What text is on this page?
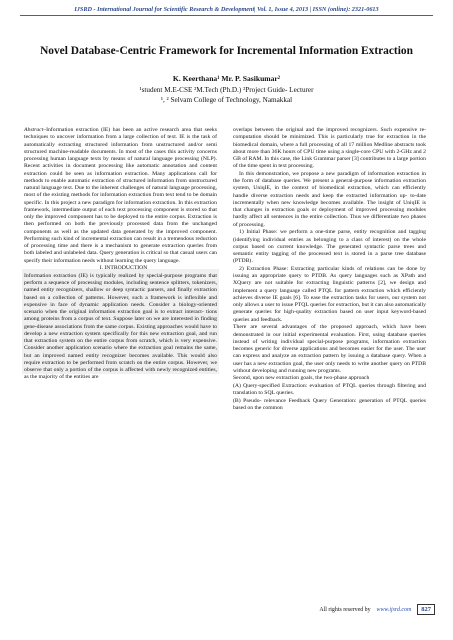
IJSRD - International Journal for Scientific Research & Development| Vol. 1, Issue 4, 2013 | ISSN (online): 2321-0613
Novel Database-Centric Framework for Incremental Information Extraction
K. Keerthana¹ Mr. P. Sasikumar²
¹student M.E-CSE ²M.Tech (Ph.D.) ²Project Guide- Lecturer
¹, ² Selvam College of Technology, Namakkal

Abstract–Information extraction (IE) has been an active research area that seeks techniques to uncover information from a large collection of text. IE is the task of automatically extracting structured information from unstructured and/or semi structured machine-readable documents. In most of the cases this activity concerns processing human language texts by means of natural language processing (NLP). Recent activities in document processing like automatic annotation and content extraction could be seen as information extraction. Many applications call for methods to enable automatic extraction of structured information from unstructured natural language text. Due to the inherent challenges of natural language processing, most of the existing methods for information extraction from text tend to be domain specific. In this project a new paradigm for information extraction. In this extraction framework, intermediate output of each text processing component is stored so that only the improved component has to be deployed to the entire corpus. Extraction is then performed on both the previously processed data from the unchanged components as well as the updated data generated by the improved component. Performing such kind of incremental extraction can result in a tremendous reduction of processing time and there is a mechanism to generate extraction queries from both labeled and unlabeled data. Query generation is critical so that casual users can specify their information needs without learning the query language.

I. INTRODUCTION

Information extraction (IE) is typically realized by special-purpose programs that perform a sequence of processing modules, including sentence splitters, tokenizers, named entity recognizers, shallow or deep syntactic parsers, and finally extraction based on a collection of patterns. However, such a framework is inflexible and expensive in face of dynamic application needs. Consider a biology-oriented scenario when the original information extraction goal is to extract interact- tions among proteins from a corpus of text. Suppose later on we are interested in finding gene-disease associations from the same corpus. Existing approaches would have to develop a new extraction system specifically for this new extraction goal, and run that extraction system on the entire corpus from scratch, which is very expensive. Consider another application scenario where the extraction goal remains the same, but an improved named entity recognizer becomes available. This would also require extraction to be performed from scratch on the entire corpus. However, we observe that only a portion of the corpus is affected with newly recognized entities, as the majority of the entities are

overlaps between the original and the improved recognizers. Such expensive re-computation should be minimized. This is particularly true for extraction in the biomedical domain, where a full processing of all 17 million Medline abstracts took about more than 36K hours of CPU time using a single-core CPU with 2-GHz and 2 GB of RAM. In this case, the Link Grammar parser [3] contributes to a large portion of the time spent in text processing.

In this demonstration, we propose a new paradigm of information extraction in the form of database queries. We present a general-purpose information extraction system, UniqIE, in the context of biomedical extraction, which can efficiently handle diverse extraction needs and keep the extracted information up- to-date incrementally when new knowledge becomes available. The insight of UniqIE is that changes in extraction goals or deployment of improved processing modules hardly affect all sentences in the entire collection. Thus we differentiate two phases of processing.

1) Initial Phase: we perform a one-time parse, entity recognition and tagging (identifying individual entries as belonging to a class of interest) on the whole corpus based on current knowledge. The generated syntactic parse trees and semantic entity tagging of the processed text is stored in a parse tree database (PTDB).

2) Extraction Phase: Extracting particular kinds of relations can be done by issuing an appropriate query to PTDB. As query languages such as XPath and XQuery are not suitable for extracting linguistic patterns [2], we design and implement a query language called PTQL for pattern extraction which efficiently achieves diverse IE goals [6]. To ease the extraction tasks for users, our system not only allows a user to issue PTQL queries for extraction, but it can also automatically generate queries for high-quality extraction based on user input keyword-based queries and feedback.

There are several advantages of the proposed approach, which have been demonstrated in our initial experimental evaluation. First, using database queries instead of writing individual special-purpose programs, information extraction becomes generic for diverse applications and becomes easier for the user. The user can express and analyze an extraction pattern by issuing a database query. When a user has a new extraction goal, the user only needs to write another query on PTDB without developing and running new programs.

Second, upon new extraction goals, the two-phase approach

(A) Query-specified Extraction: evaluation of PTQL queries through filtering and translation to SQL queries.

(B) Pseudo- relevance Feedback Query Generation: generation of PTQL queries based on the common

All rights reserved by www.ijsrd.com	827
